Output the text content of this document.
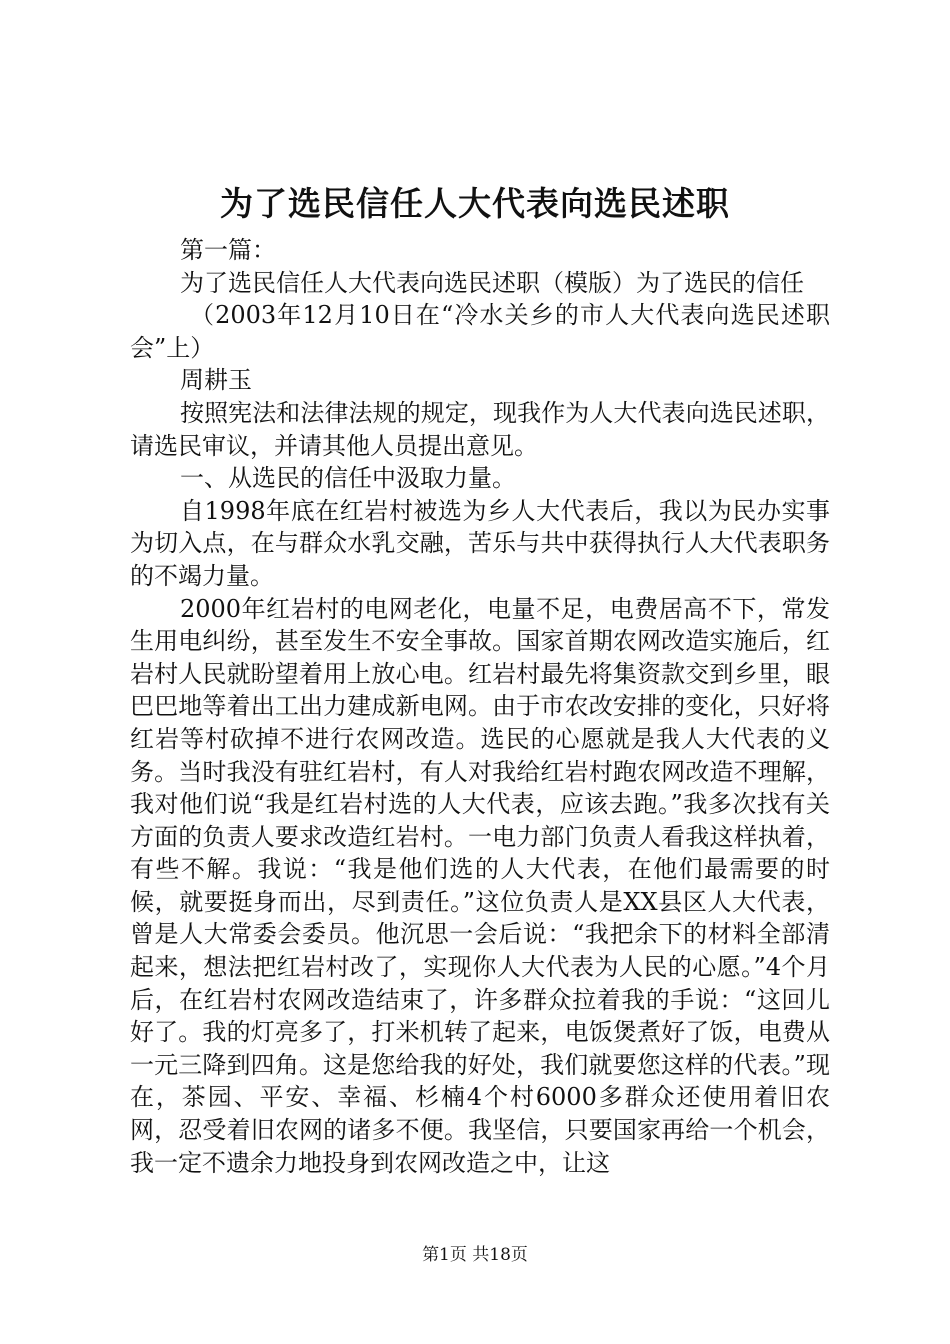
为了选民信任人大代表向选民述职

第一篇：

为了选民信任人大代表向选民述职（模版）为了选民的信任

（2003年12月10日在“冷水关乡的市人大代表向选民述职会”上）

周耕玉

按照宪法和法律法规的规定，现我作为人大代表向选民述职，请选民审议，并请其他人员提出意见。

一、从选民的信任中汲取力量。

自1998年底在红岩村被选为乡人大代表后，我以为民办实事为切入点，在与群众水乳交融，苦乐与共中获得执行人大代表职务的不竭力量。

2000年红岩村的电网老化，电量不足，电费居高不下，常发生用电纠纷，甚至发生不安全事故。国家首期农网改造实施后，红岩村人民就盼望着用上放心电。红岩村最先将集资款交到乡里，眼巴巴地等着出工出力建成新电网。由于市农改安排的变化，只好将红岩等村砍掉不进行农网改造。选民的心愿就是我人大代表的义务。当时我没有驻红岩村，有人对我给红岩村跑农网改造不理解，我对他们说“我是红岩村选的人大代表，应该去跑。”我多次找有关方面的负责人要求改造红岩村。一电力部门负责人看我这样执着，有些不解。我说：“我是他们选的人大代表，在他们最需要的时候，就要挺身而出，尽到责任。”这位负责人是XX县区人大代表，曾是人大常委会委员。他沉思一会后说：“我把余下的材料全部清起来，想法把红岩村改了，实现你人大代表为人民的心愿。”4个月后，在红岩村农网改造结束了，许多群众拉着我的手说：“这回儿好了。我的灯亮多了，打米机转了起来，电饭煲煮好了饭，电费从一元三降到四角。这是您给我的好处，我们就要您这样的代表。”现在，茶园、平安、幸福、杉楠4个村6000多群众还使用着旧农网，忍受着旧农网的诸多不便。我坚信，只要国家再给一个机会，我一定不遗余力地投身到农网改造之中，让这

第1页 共18页
